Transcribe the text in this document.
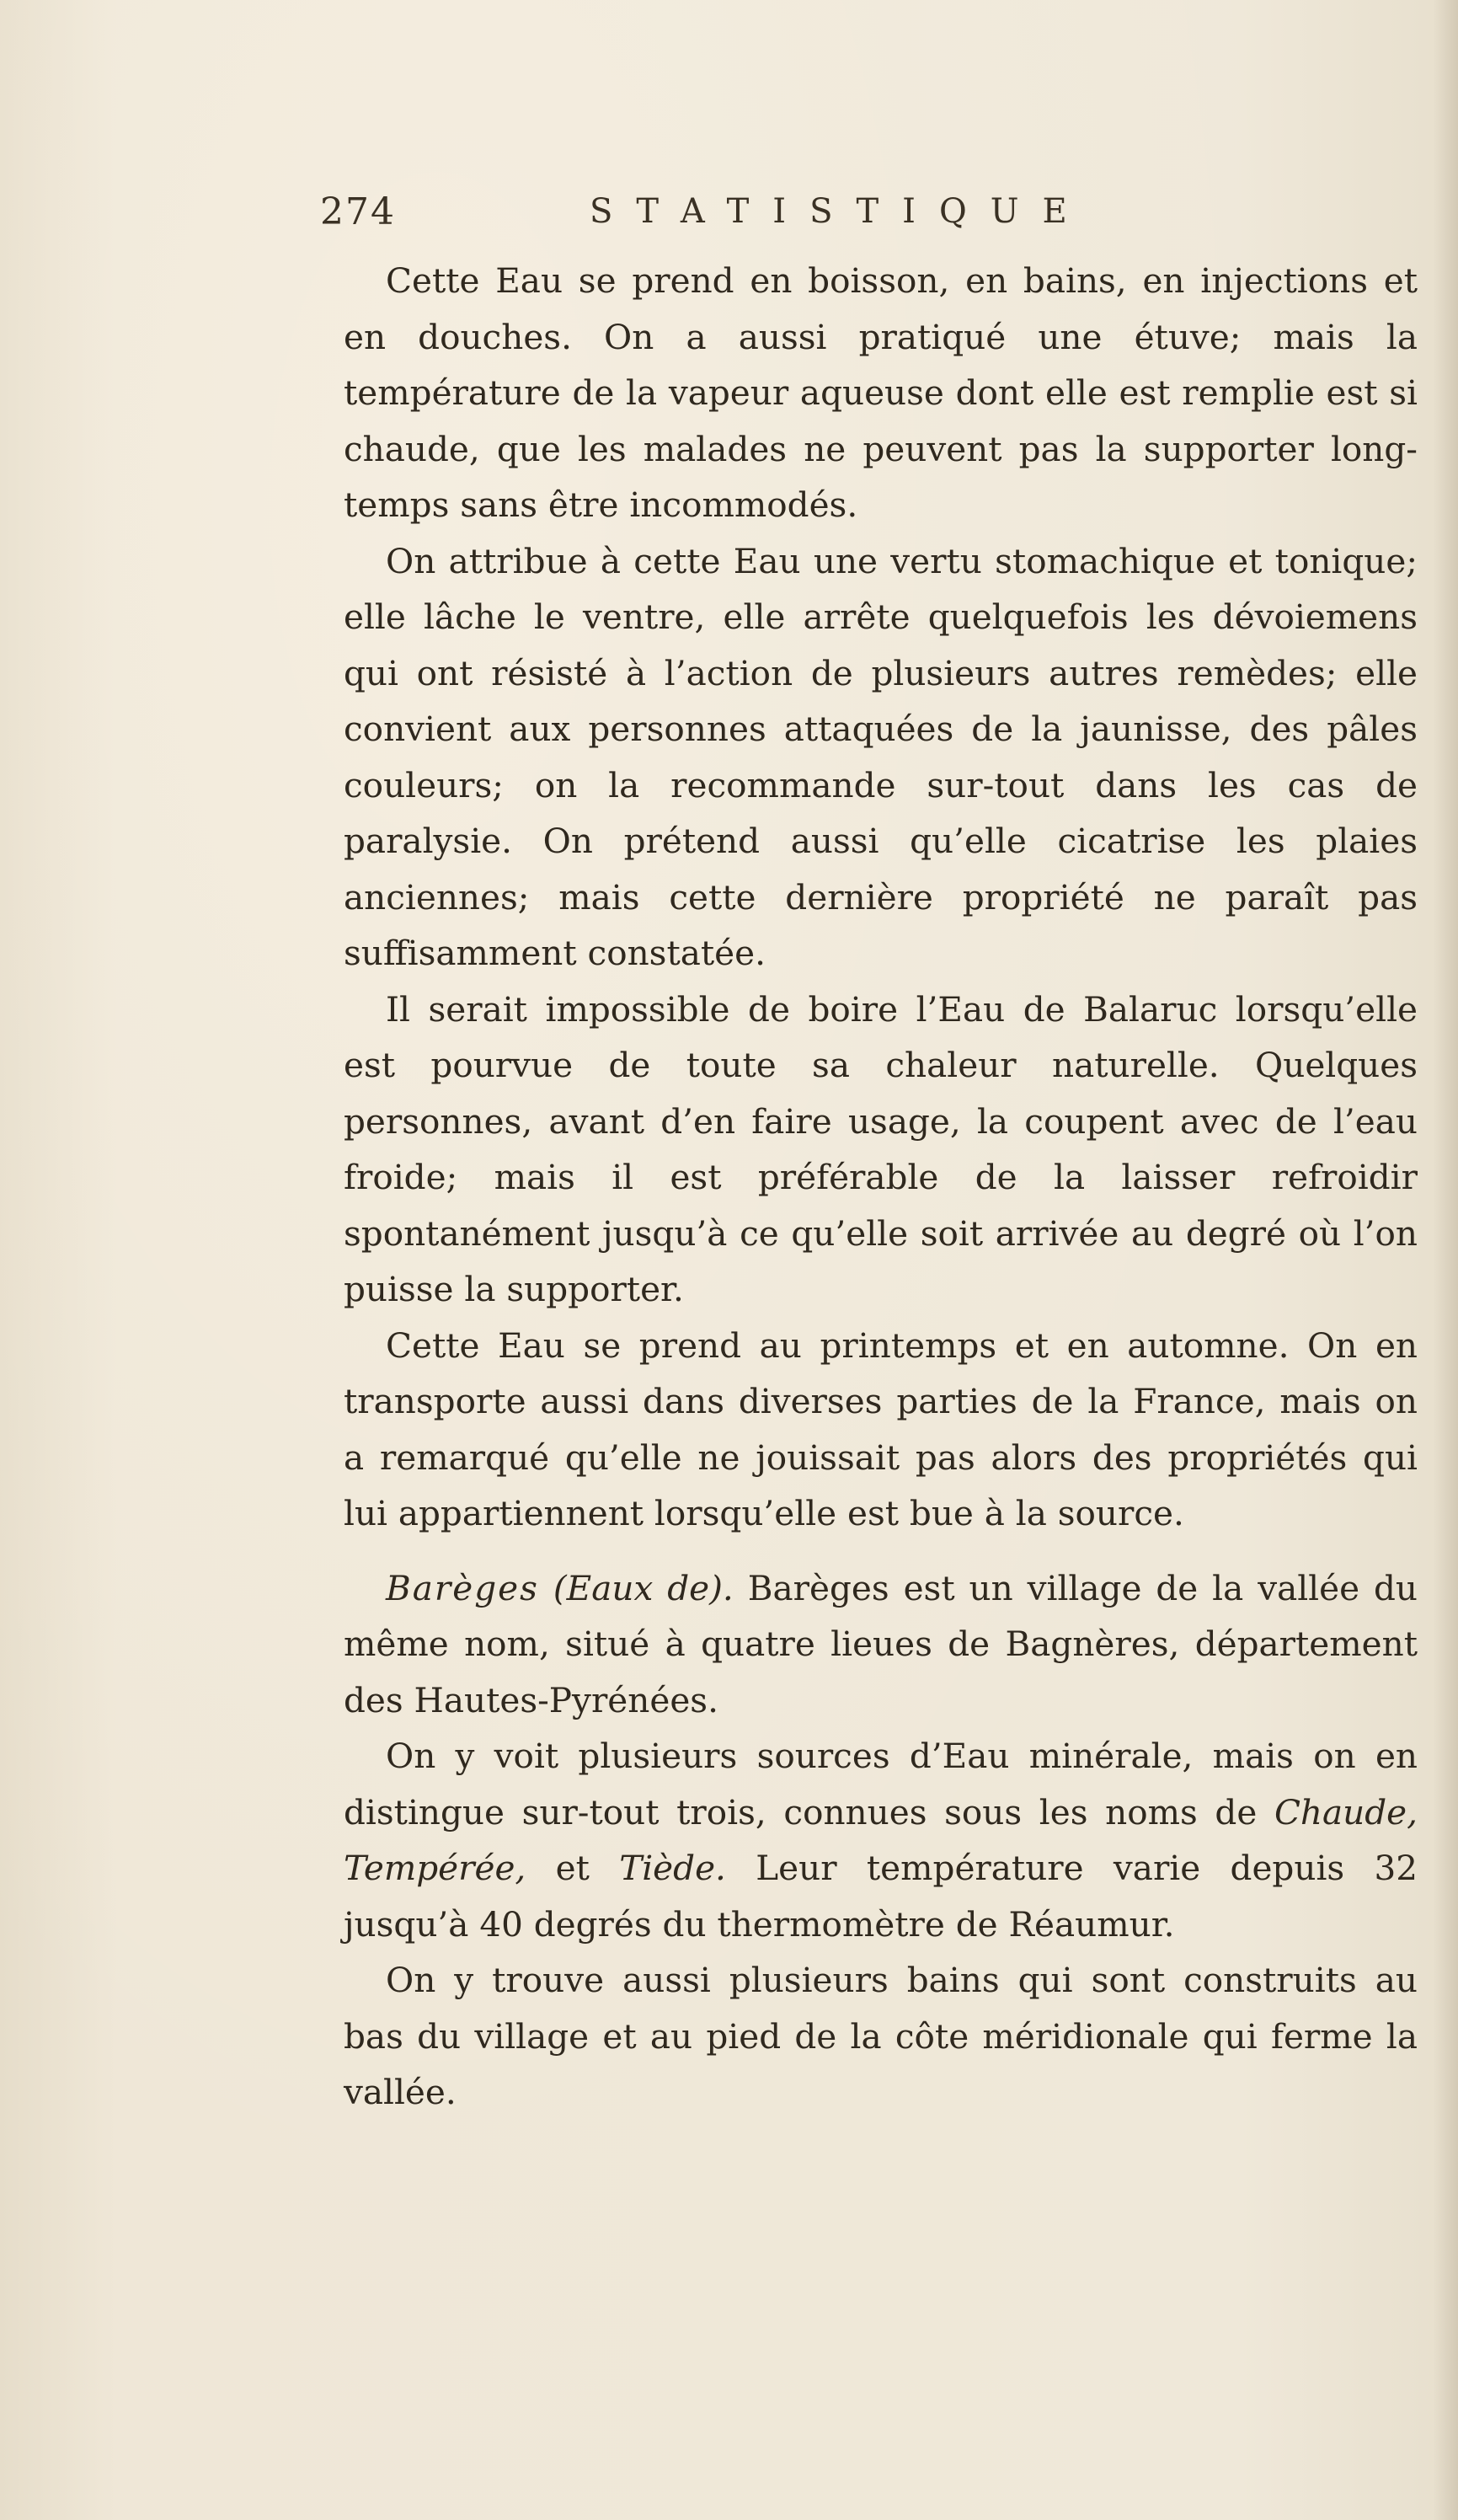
274	STATISTIQUE

Cette Eau se prend en boisson, en bains, en injections et en douches. On a aussi pratiqué une étuve; mais la température de la vapeur aqueuse dont elle est remplie est si chaude, que les malades ne peuvent pas la supporter long-temps sans être incommodés.

On attribue à cette Eau une vertu stomachique et tonique; elle lâche le ventre, elle arrête quelquefois les dévoiemens qui ont résisté à l’action de plusieurs autres remèdes; elle convient aux personnes attaquées de la jaunisse, des pâles couleurs; on la recommande sur-tout dans les cas de paralysie. On prétend aussi qu’elle cicatrise les plaies anciennes; mais cette dernière propriété ne paraît pas suffisamment constatée.

Il serait impossible de boire l’Eau de Balaruc lorsqu’elle est pourvue de toute sa chaleur naturelle. Quelques personnes, avant d’en faire usage, la coupent avec de l’eau froide; mais il est préférable de la laisser refroidir spontanément jusqu’à ce qu’elle soit arrivée au degré où l’on puisse la supporter.

Cette Eau se prend au printemps et en automne. On en transporte aussi dans diverses parties de la France, mais on a remarqué qu’elle ne jouissait pas alors des propriétés qui lui appartiennent lorsqu’elle est bue à la source.

Barèges (Eaux de). Barèges est un village de la vallée du même nom, situé à quatre lieues de Bagnères, département des Hautes-Pyrénées.

On y voit plusieurs sources d’Eau minérale, mais on en distingue sur-tout trois, connues sous les noms de Chaude, Tempérée, et Tiède. Leur température varie depuis 32 jusqu’à 40 degrés du thermomètre de Réaumur.

On y trouve aussi plusieurs bains qui sont construits au bas du village et au pied de la côte méridionale qui ferme la vallée.
